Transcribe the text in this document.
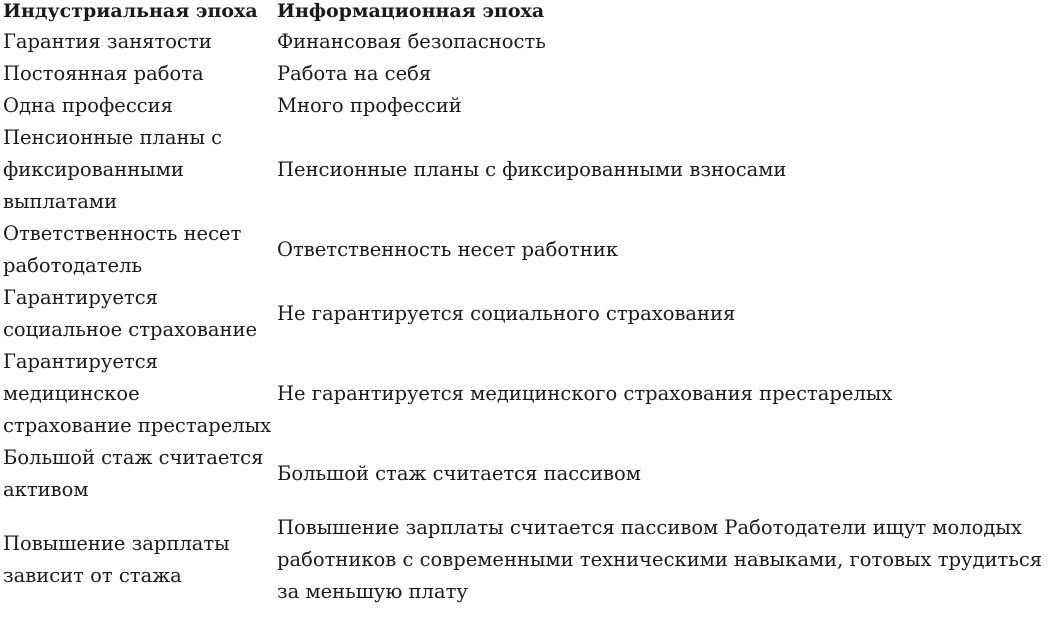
Индустриальная эпоха	Информационная эпоха
Гарантия занятости	Финансовая безопасность
Постоянная работа	Работа на себя
Одна профессия	Много профессий
Пенсионные планы с фиксированными выплатами	Пенсионные планы с фиксированными взносами
Ответственность несет работодатель	Ответственность несет работник
Гарантируется социальное страхование	Не гарантируется социального страхования
Гарантируется медицинское страхование престарелых	Не гарантируется медицинского страхования престарелых
Большой стаж считается активом	Большой стаж считается пассивом
Повышение зарплаты зависит от стажа	Повышение зарплаты считается пассивом Работодатели ищут молодых работников с современными техническими навыками, готовых трудиться за меньшую плату
